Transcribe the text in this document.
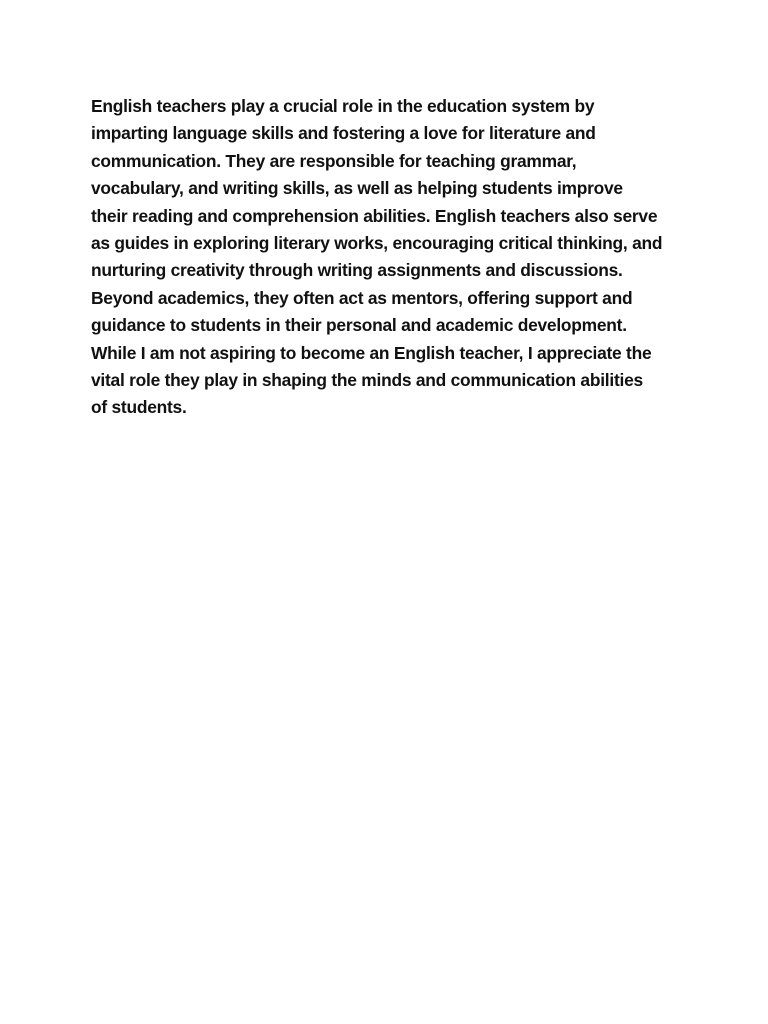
English teachers play a crucial role in the education system by
imparting language skills and fostering a love for literature and
communication. They are responsible for teaching grammar,
vocabulary, and writing skills, as well as helping students improve
their reading and comprehension abilities. English teachers also serve
as guides in exploring literary works, encouraging critical thinking, and
nurturing creativity through writing assignments and discussions.
Beyond academics, they often act as mentors, offering support and
guidance to students in their personal and academic development.
While I am not aspiring to become an English teacher, I appreciate the
vital role they play in shaping the minds and communication abilities
of students.
